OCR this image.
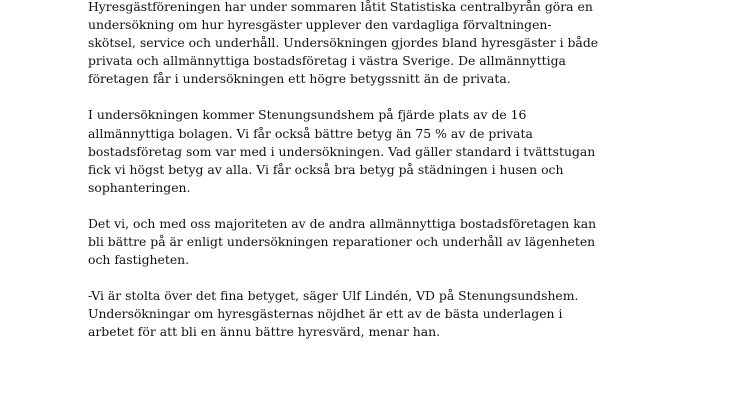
Hyresgästföreningen har under sommaren låtit Statistiska centralbyrån göra en
undersökning om hur hyresgäster upplever den vardagliga förvaltningen-
skötsel, service och underhåll. Undersökningen gjordes bland hyresgäster i både
privata och allmännyttiga bostadsföretag i västra Sverige. De allmännyttiga
företagen får i undersökningen ett högre betygssnitt än de privata.

I undersökningen kommer Stenungsundshem på fjärde plats av de 16
allmännyttiga bolagen. Vi får också bättre betyg än 75 % av de privata
bostadsföretag som var med i undersökningen. Vad gäller standard i tvättstugan
fick vi högst betyg av alla. Vi får också bra betyg på städningen i husen och
sophanteringen.

Det vi, och med oss majoriteten av de andra allmännyttiga bostadsföretagen kan
bli bättre på är enligt undersökningen reparationer och underhåll av lägenheten
och fastigheten.

-Vi är stolta över det fina betyget, säger Ulf Lindén, VD på Stenungsundshem.
Undersökningar om hyresgästernas nöjdhet är ett av de bästa underlagen i
arbetet för att bli en ännu bättre hyresvärd, menar han.
